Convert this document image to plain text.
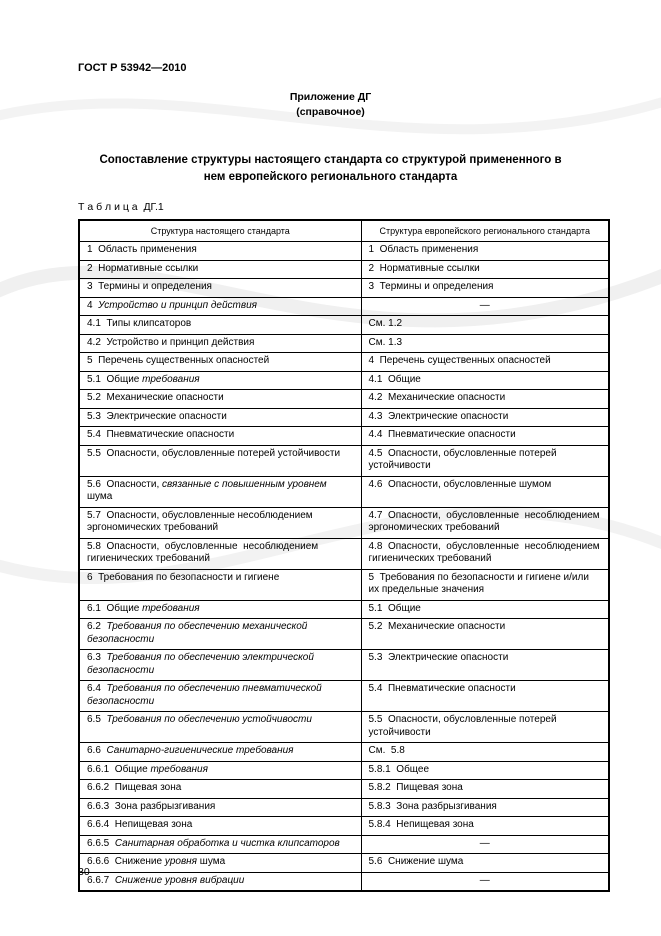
ГОСТ Р 53942—2010
Приложение ДГ
(справочное)
Сопоставление структуры настоящего стандарта со структурой примененного в нем европейского регионального стандарта
Т а б л и ц а  ДГ.1
Структура настоящего стандарта	Структура европейского регионального стандарта
1  Область применения	1  Область применения
2  Нормативные ссылки	2  Нормативные ссылки
3  Термины и определения	3  Термины и определения
4  Устройство и принцип действия	—
4.1  Типы клипсаторов	См. 1.2
4.2  Устройство и принцип действия	См. 1.3
5  Перечень существенных опасностей	4  Перечень существенных опасностей
5.1  Общие требования	4.1  Общие
5.2  Механические опасности	4.2  Механические опасности
5.3  Электрические опасности	4.3  Электрические опасности
5.4  Пневматические опасности	4.4  Пневматические опасности
5.5  Опасности, обусловленные потерей устойчивости	4.5  Опасности, обусловленные потерей устойчивости
5.6  Опасности, связанные с повышенным уровнем шума	4.6  Опасности, обусловленные шумом
5.7  Опасности, обусловленные несоблюдением эргономических требований	4.7  Опасности,  обусловленные  несоблюдением эргономических требований
5.8  Опасности,  обусловленные  несоблюдением гигиенических требований	4.8  Опасности,  обусловленные  несоблюдением гигиенических требований
6  Требования по безопасности и гигиене	5  Требования по безопасности и гигиене и/или их предельные значения
6.1  Общие требования	5.1  Общие
6.2  Требования по обеспечению механической безопасности	5.2  Механические опасности
6.3  Требования по обеспечению электрической безопасности	5.3  Электрические опасности
6.4  Требования по обеспечению пневматической безопасности	5.4  Пневматические опасности
6.5  Требования по обеспечению устойчивости	5.5  Опасности, обусловленные потерей устойчивости
6.6  Санитарно-гигиенические требования	См.  5.8
6.6.1  Общие требования	5.8.1  Общее
6.6.2  Пищевая зона	5.8.2  Пищевая зона
6.6.3  Зона разбрызгивания	5.8.3  Зона разбрызгивания
6.6.4  Непищевая зона	5.8.4  Непищевая зона
6.6.5  Санитарная обработка и чистка клипсаторов	—
6.6.6  Снижение уровня шума	5.6  Снижение шума
6.6.7  Снижение уровня вибрации	—
30
